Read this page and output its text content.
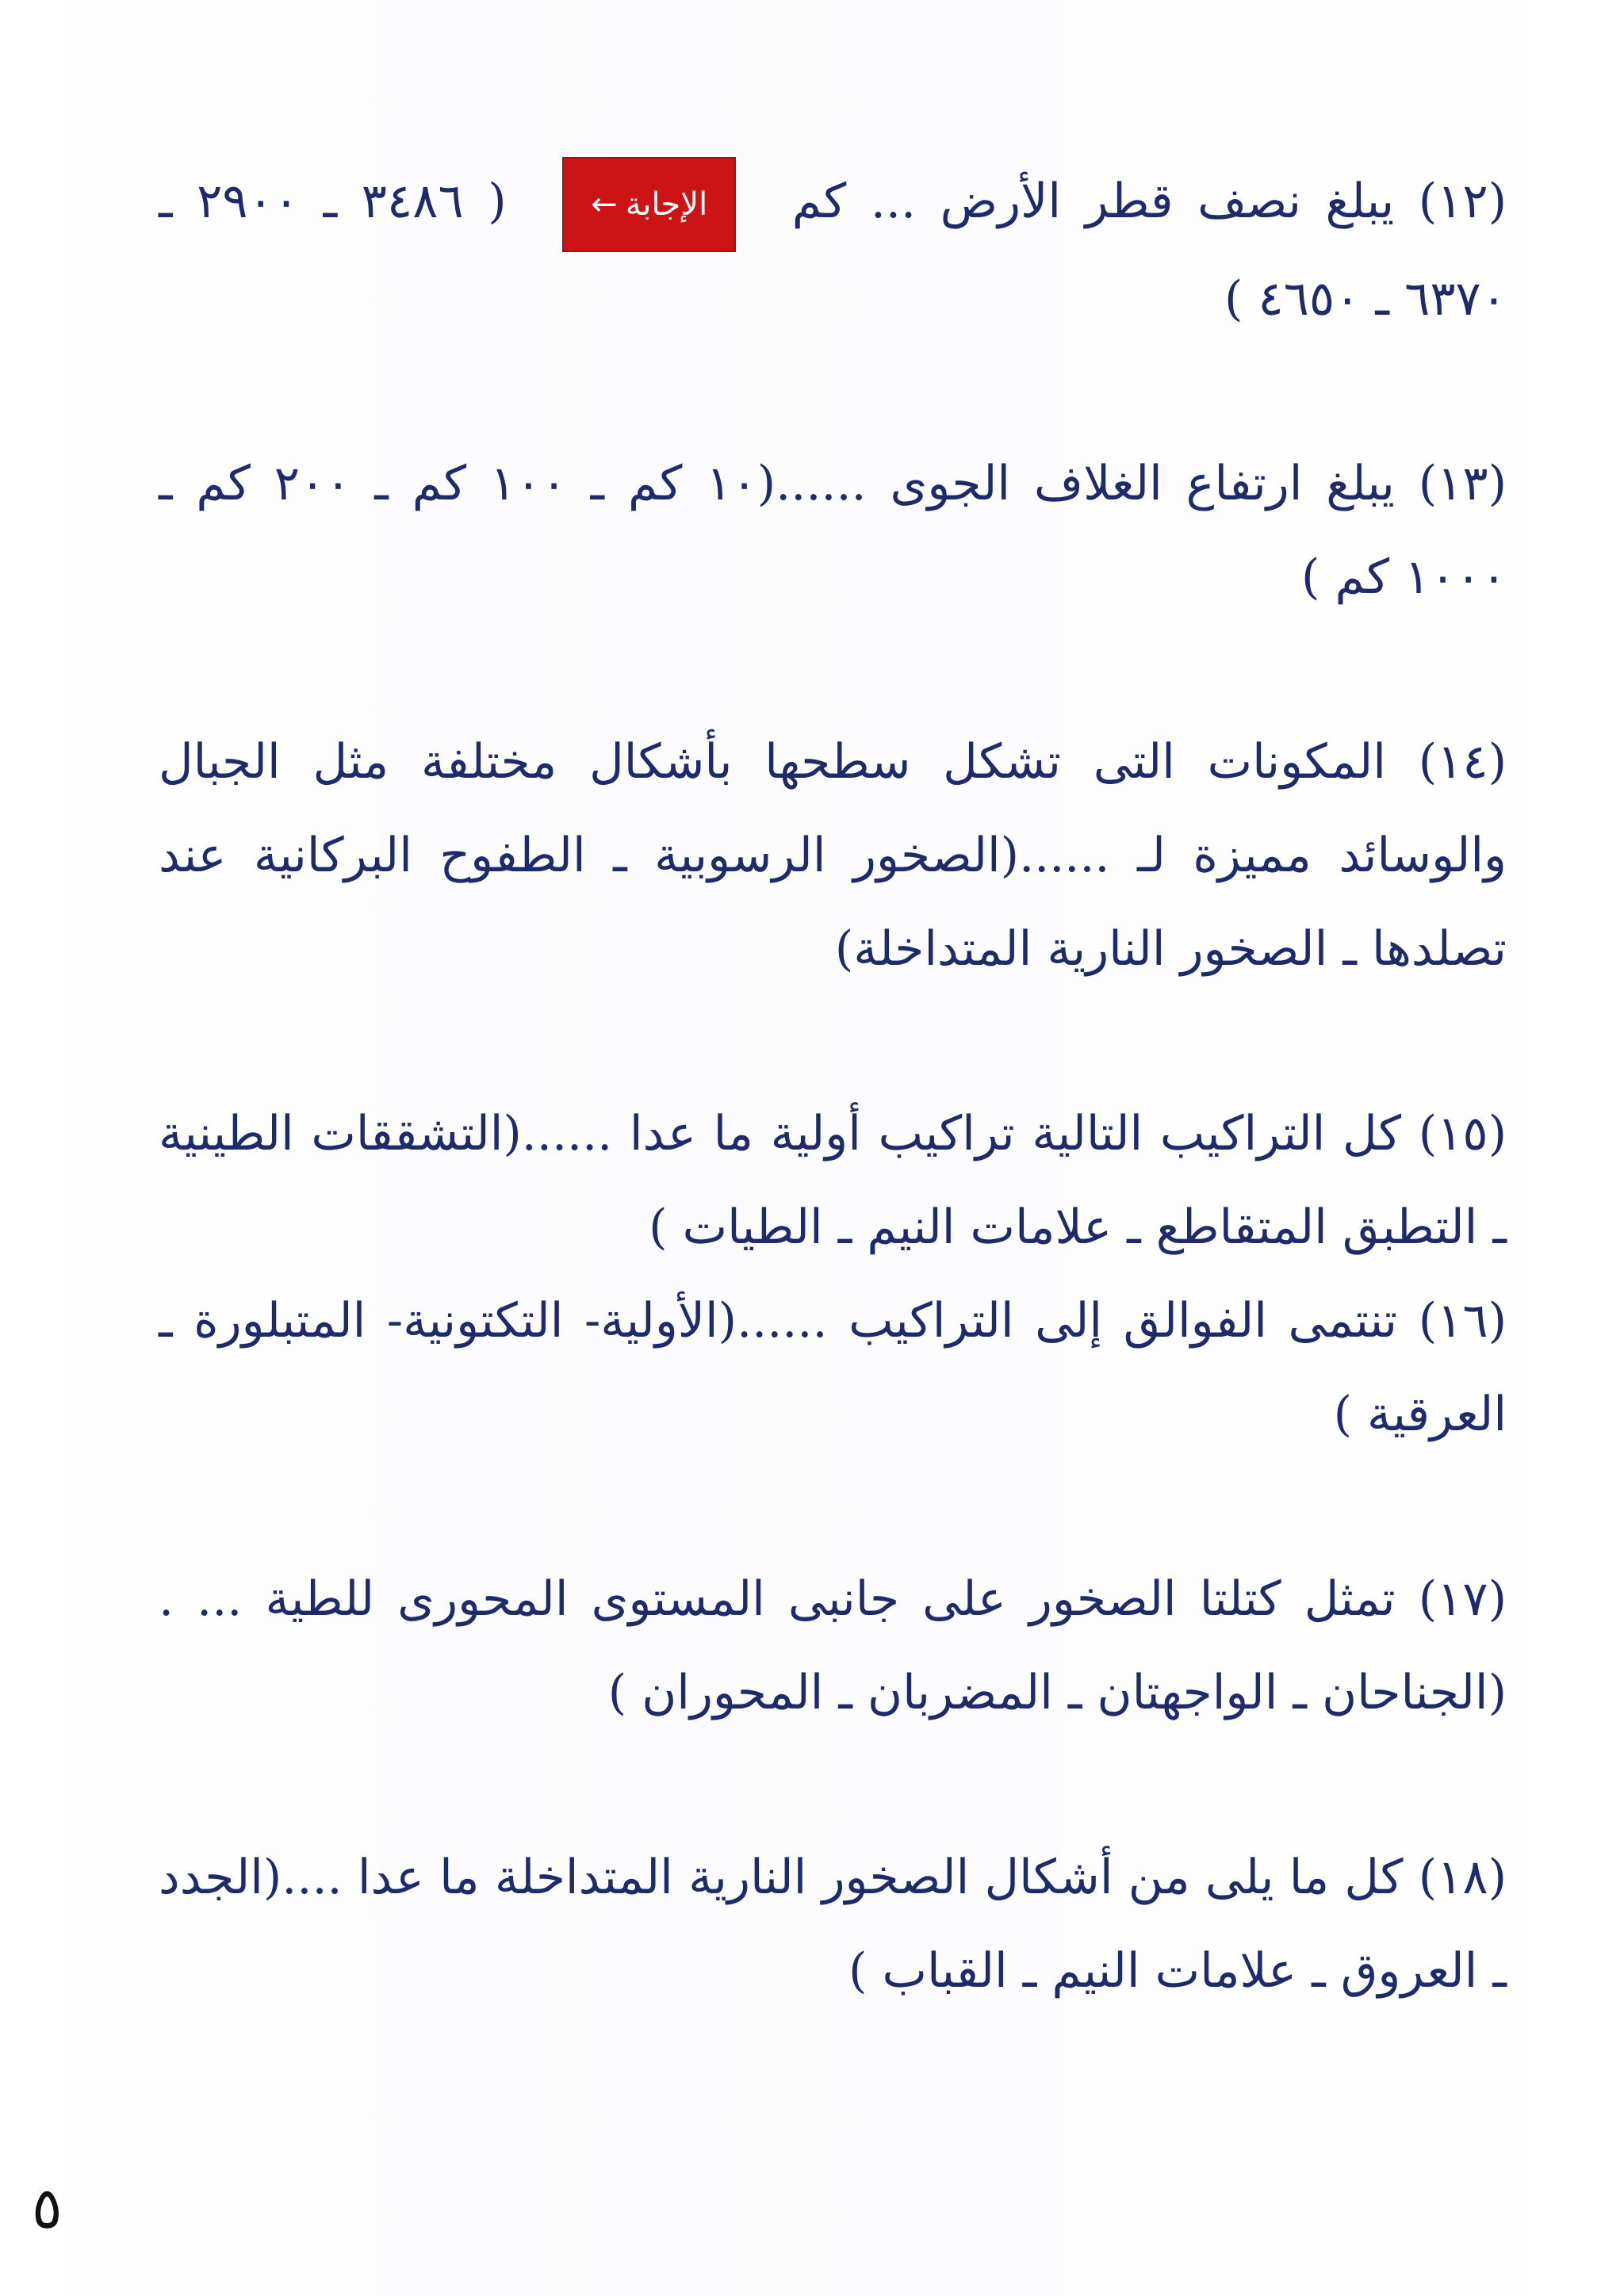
(١٢) يبلغ نصف قطر الأرض ... كم الإجابة← ( ٣٤٨٦ ـ ٢٩٠٠ ـ ٦٣٧٠ ـ ٤٦٥٠ )

(١٣) يبلغ ارتفاع الغلاف الجوى ......(١٠ كم ـ ١٠٠ كم ـ ٢٠٠ كم ـ ١٠٠٠ كم )

(١٤) المكونات التى تشكل سطحها بأشكال مختلفة مثل الجبال والوسائد مميزة لـ ......(الصخور الرسوبية ـ الطفوح البركانية عند تصلدها ـ الصخور النارية المتداخلة)

(١٥) كل التراكيب التالية تراكيب أولية ما عدا ......(التشققات الطينية ـ التطبق المتقاطع ـ علامات النيم ـ الطيات )

(١٦) تنتمى الفوالق إلى التراكيب ......(الأولية- التكتونية- المتبلورة ـ العرقية )

(١٧) تمثل كتلتا الصخور على جانبى المستوى المحورى للطية ... .(الجناحان ـ الواجهتان ـ المضربان ـ المحوران )

(١٨) كل ما يلى من أشكال الصخور النارية المتداخلة ما عدا ....(الجدد ـ العروق ـ علامات النيم ـ القباب )

٥
